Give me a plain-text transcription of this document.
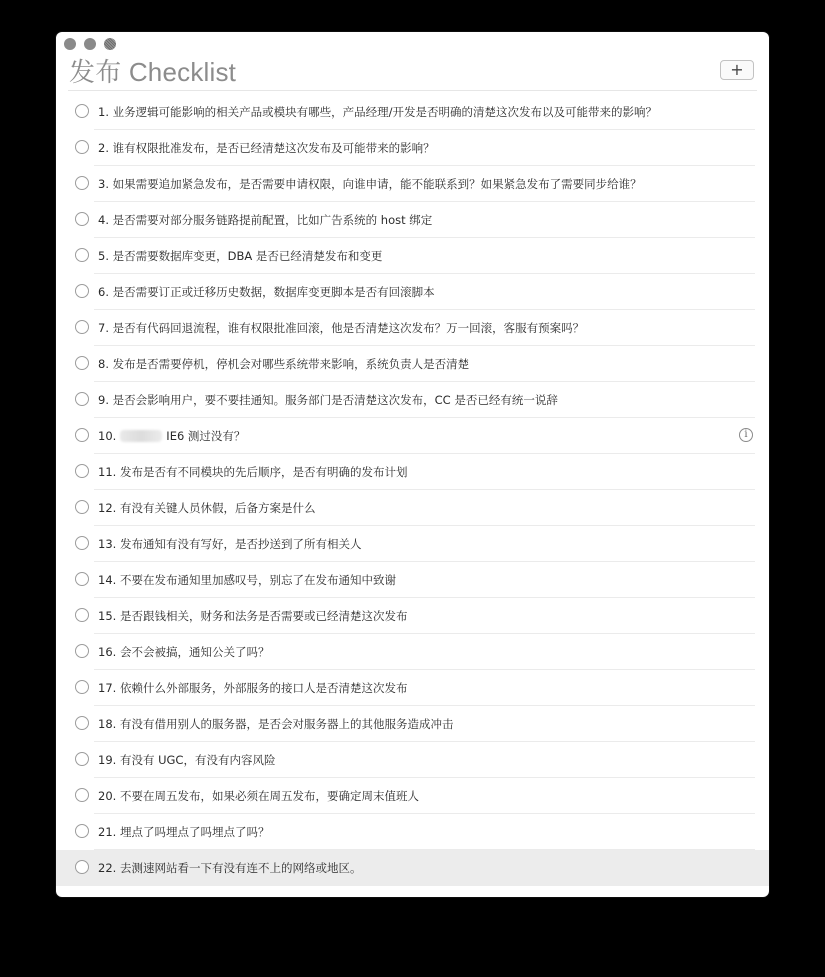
发布 Checklist	+
1. 业务逻辑可能影响的相关产品或模块有哪些，产品经理/开发是否明确的清楚这次发布以及可能带来的影响？
2. 谁有权限批准发布，是否已经清楚这次发布及可能带来的影响？
3. 如果需要追加紧急发布，是否需要申请权限，向谁申请，能不能联系到？如果紧急发布了需要同步给谁？
4. 是否需要对部分服务链路提前配置，比如广告系统的 host 绑定
5. 是否需要数据库变更，DBA 是否已经清楚发布和变更
6. 是否需要订正或迁移历史数据，数据库变更脚本是否有回滚脚本
7. 是否有代码回退流程，谁有权限批准回滚，他是否清楚这次发布？万一回滚，客服有预案吗？
8. 发布是否需要停机，停机会对哪些系统带来影响，系统负责人是否清楚
9. 是否会影响用户，要不要挂通知。服务部门是否清楚这次发布，CC 是否已经有统一说辞
10.	IE6 测过没有？	i
11. 发布是否有不同模块的先后顺序，是否有明确的发布计划
12. 有没有关键人员休假，后备方案是什么
13. 发布通知有没有写好，是否抄送到了所有相关人
14. 不要在发布通知里加感叹号，别忘了在发布通知中致谢
15. 是否跟钱相关，财务和法务是否需要或已经清楚这次发布
16. 会不会被搞，通知公关了吗？
17. 依赖什么外部服务，外部服务的接口人是否清楚这次发布
18. 有没有借用别人的服务器，是否会对服务器上的其他服务造成冲击
19. 有没有 UGC，有没有内容风险
20. 不要在周五发布，如果必须在周五发布，要确定周末值班人
21. 埋点了吗埋点了吗埋点了吗？
22. 去测速网站看一下有没有连不上的网络或地区。
